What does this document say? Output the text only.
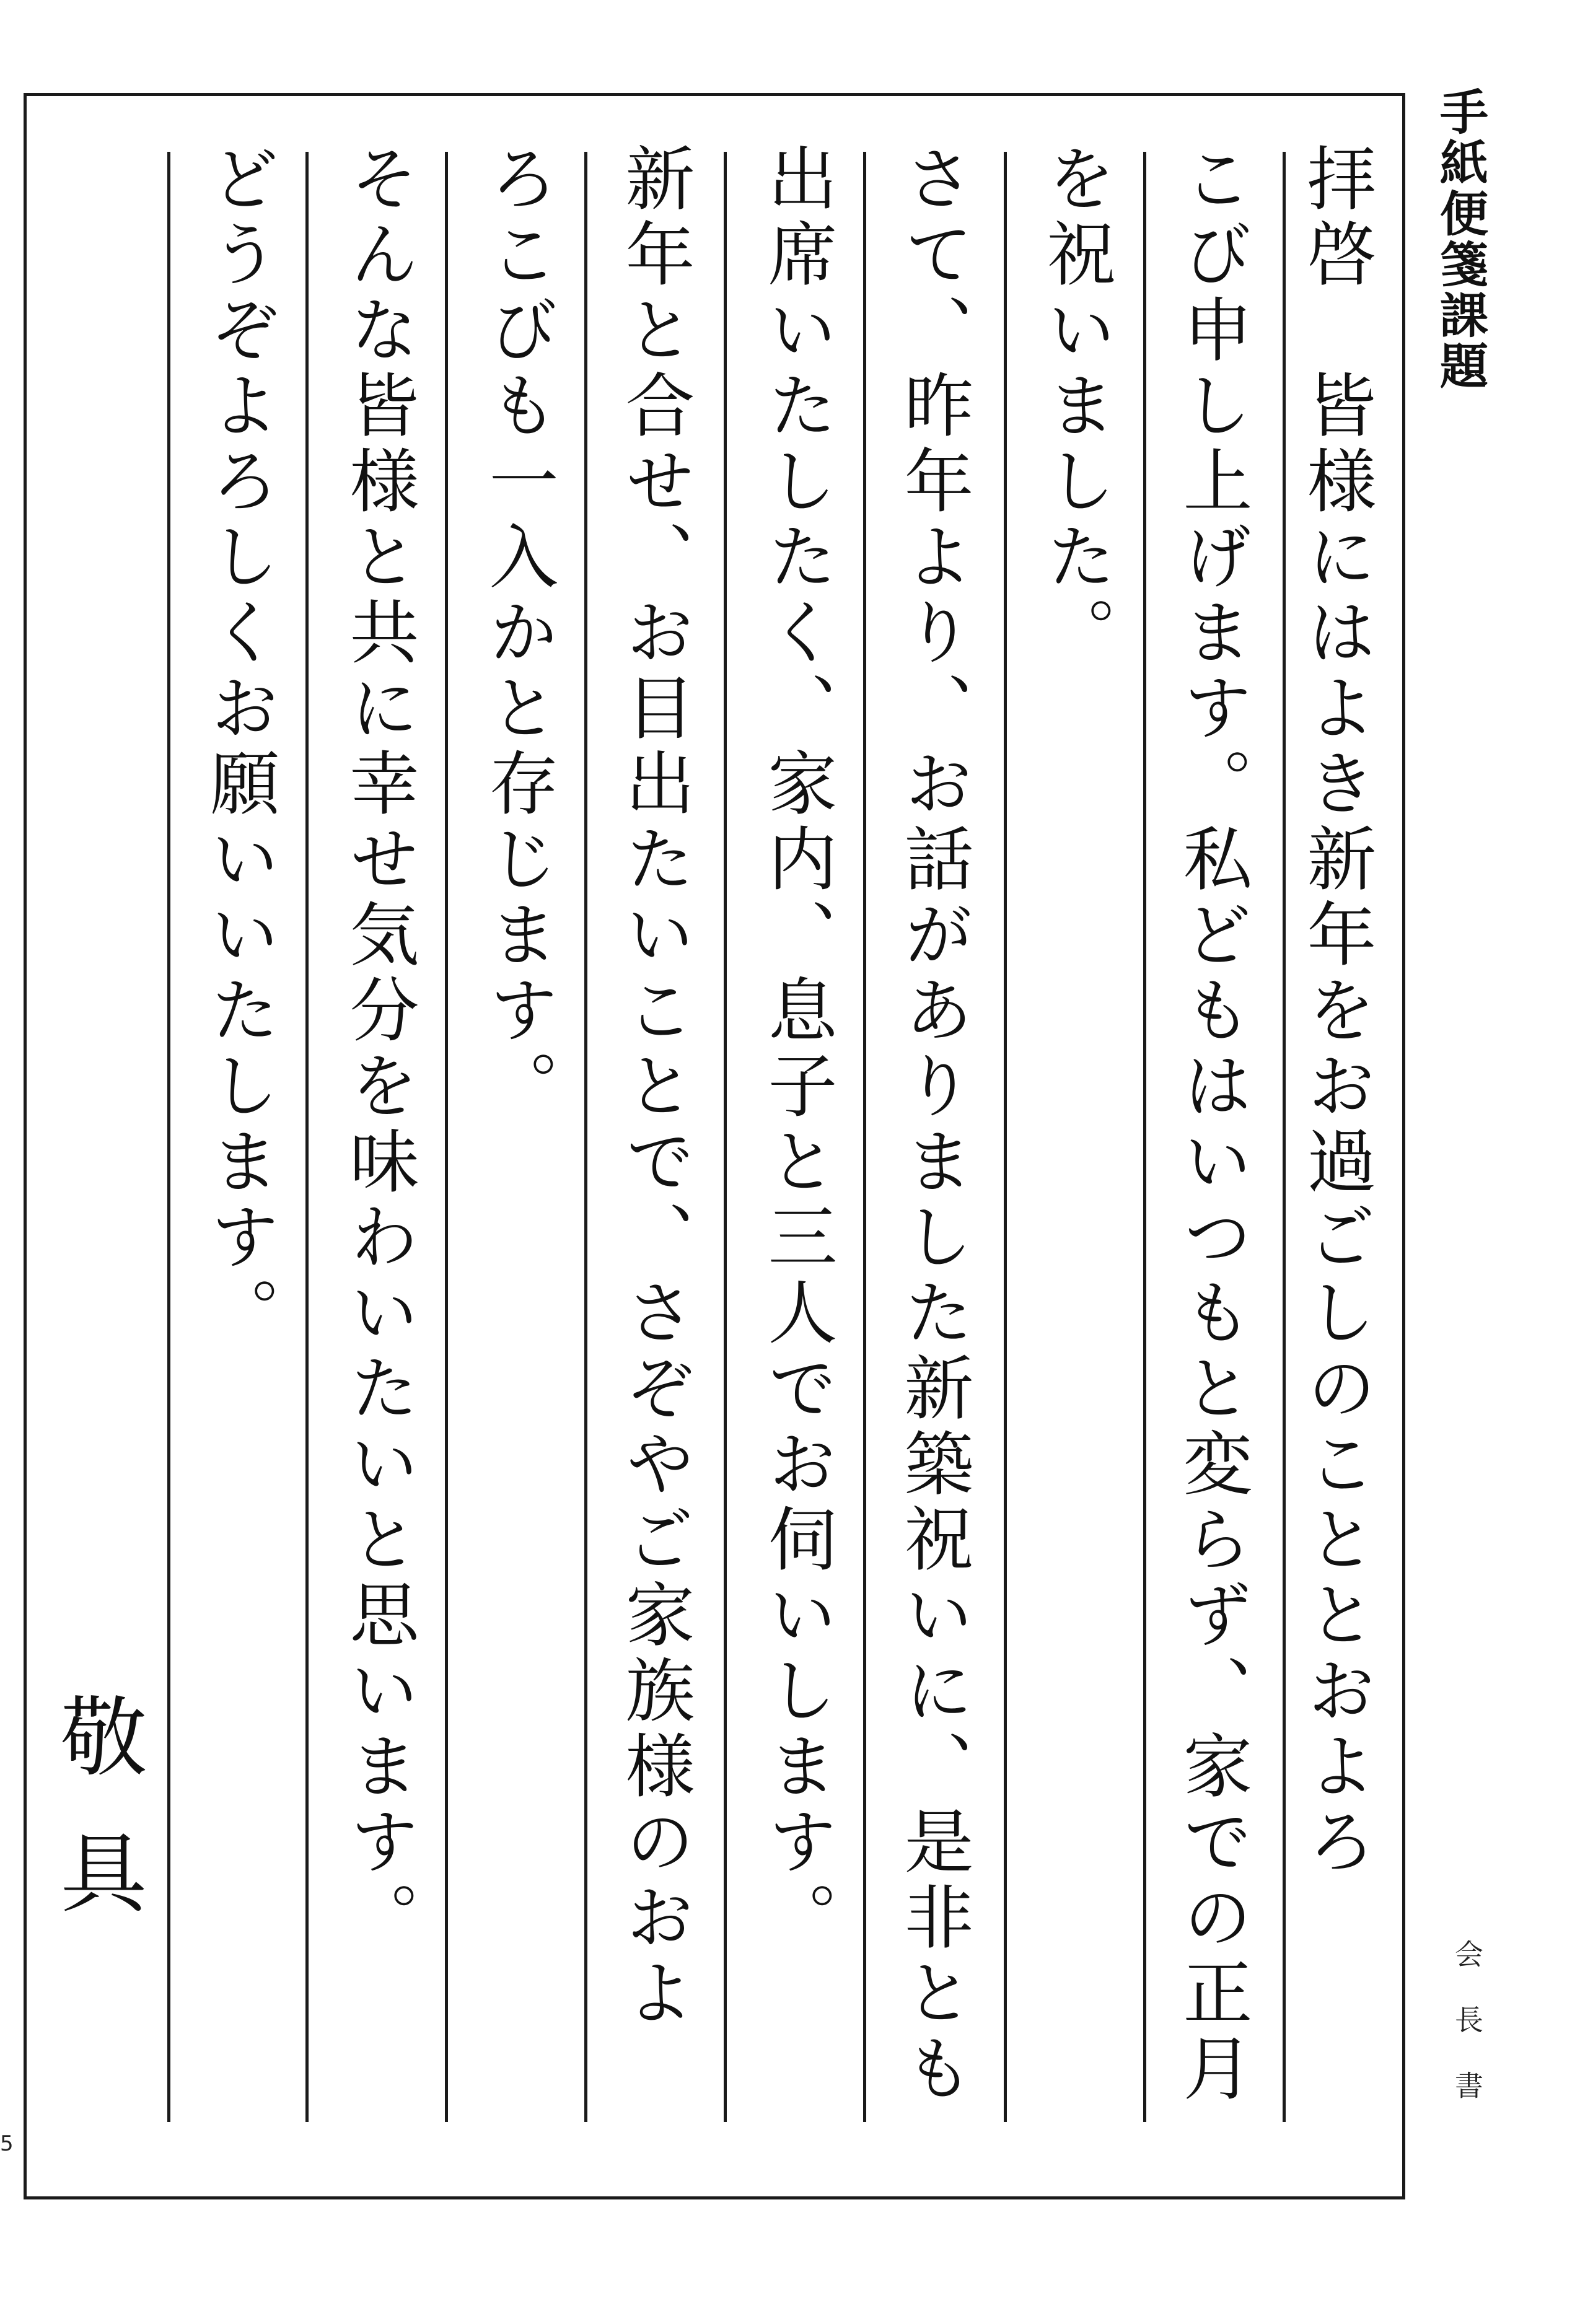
5
拝啓　皆様にはよき新年をお過ごしのこととおよろ
こび申し上げます。私どもはいつもと変らず、家での正月
を祝いました。
さて、昨年より、お話がありました新築祝いに、是非とも
出席いたしたく、家内、息子と三人でお伺いします。
新年と合せ、お目出たいことで、さぞやご家族様のおよ
ろこびも一入かと存じます。
そんな皆様と共に幸せ気分を味わいたいと思います。
どうぞよろしくお願いいたします。
敬具
手紙便箋課題
会長書
